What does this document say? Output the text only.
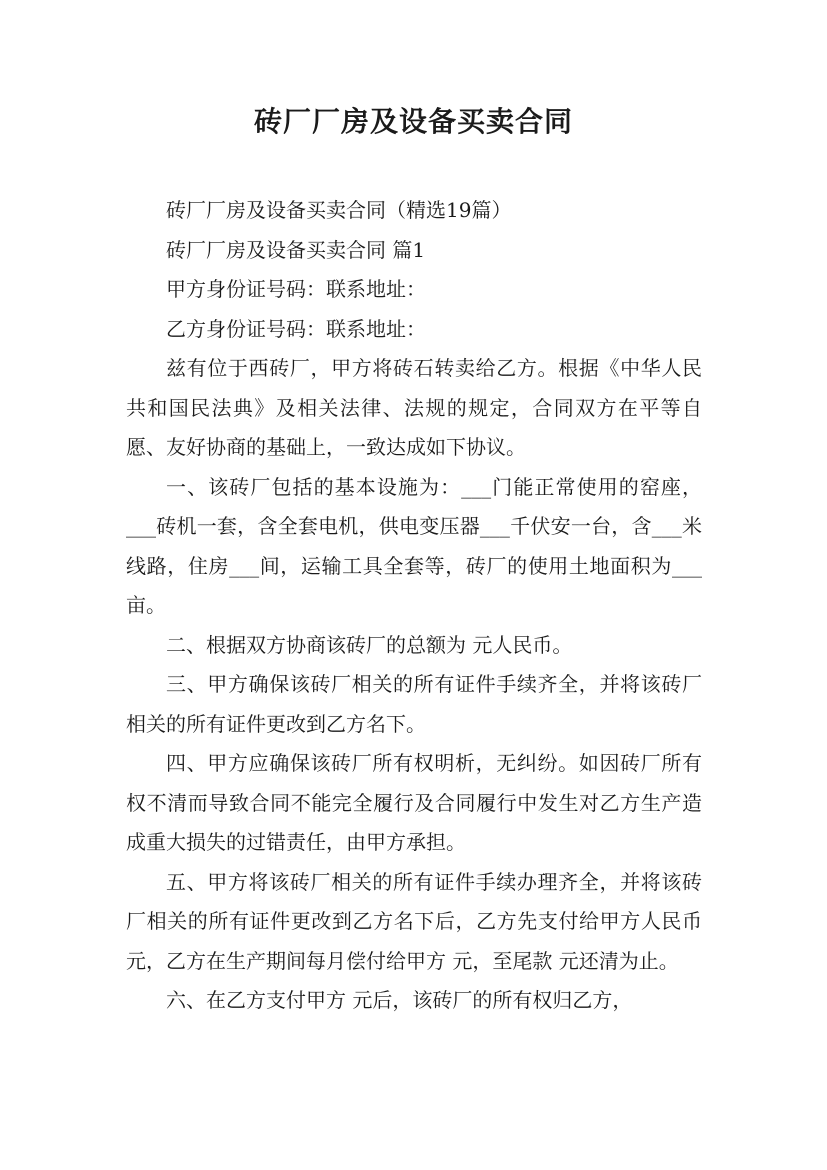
砖厂厂房及设备买卖合同

砖厂厂房及设备买卖合同（精选19篇）

砖厂厂房及设备买卖合同 篇1

甲方身份证号码：联系地址：

乙方身份证号码：联系地址：

兹有位于西砖厂，甲方将砖石转卖给乙方。根据《中华人民共和国民法典》及相关法律、法规的规定，合同双方在平等自愿、友好协商的基础上，一致达成如下协议。

一、该砖厂包括的基本设施为：___门能正常使用的窑座，___砖机一套，含全套电机，供电变压器___千伏安一台，含___米线路，住房___间，运输工具全套等，砖厂的使用土地面积为___亩。

二、根据双方协商该砖厂的总额为 元人民币。

三、甲方确保该砖厂相关的所有证件手续齐全，并将该砖厂相关的所有证件更改到乙方名下。

四、甲方应确保该砖厂所有权明析，无纠纷。如因砖厂所有权不清而导致合同不能完全履行及合同履行中发生对乙方生产造成重大损失的过错责任，由甲方承担。

五、甲方将该砖厂相关的所有证件手续办理齐全，并将该砖厂相关的所有证件更改到乙方名下后，乙方先支付给甲方人民币 元，乙方在生产期间每月偿付给甲方 元，至尾款 元还清为止。

六、在乙方支付甲方 元后，该砖厂的所有权归乙方，
